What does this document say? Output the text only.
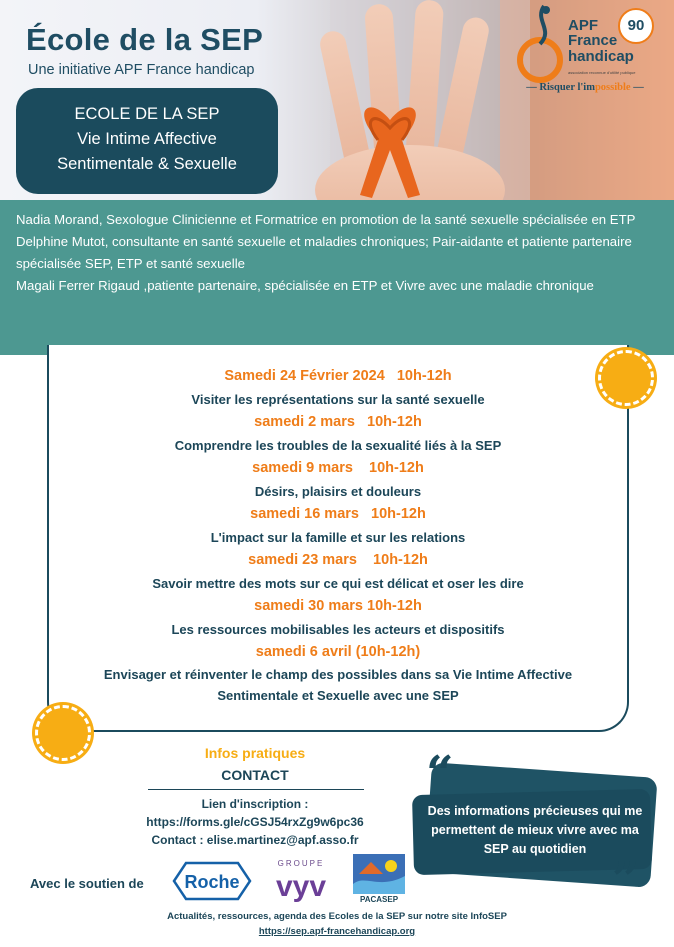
École de la SEP
Une initiative APF France handicap
ECOLE DE LA SEP
Vie Intime Affective
Sentimentale & Sexuelle
APF
France
handicap
association reconnue d'utilité publique
90
— Risquer l'impossible —

Nadia Morand, Sexologue Clinicienne et Formatrice en promotion de la santé sexuelle spécialisée en ETP

Delphine Mutot, consultante en santé sexuelle et maladies chroniques; Pair-aidante et patiente partenaire spécialisée SEP, ETP et santé sexuelle

Magali Ferrer Rigaud ,patiente partenaire, spécialisée en ETP et Vivre avec une maladie chronique

Samedi 24 Février 2024   10h-12h
Visiter les représentations sur la santé sexuelle
samedi 2 mars   10h-12h
Comprendre les troubles de la sexualité liés à la SEP
samedi 9 mars    10h-12h
Désirs, plaisirs et douleurs
samedi 16 mars   10h-12h
L'impact sur la famille et sur les relations
samedi 23 mars    10h-12h
Savoir mettre des mots sur ce qui est délicat et oser les dire
samedi 30 mars 10h-12h
Les ressources mobilisables les acteurs et dispositifs
samedi 6 avril (10h-12h)
Envisager et réinventer le champ des possibles dans sa Vie Intime Affective
Sentimentale et Sexuelle avec une SEP
Infos pratiques
CONTACT
Lien d'inscription :
https://forms.gle/cGSJ54rxZg9w6pc36
Contact : elise.martinez@apf.asso.fr
“
Des informations précieuses qui me permettent de mieux vivre avec ma SEP au quotidien
”
Avec le soutien de Roche
GROUPE
vyv	PACASEP
Actualités, ressources, agenda des Ecoles de la SEP sur notre site InfoSEP
https://sep.apf-francehandicap.org
